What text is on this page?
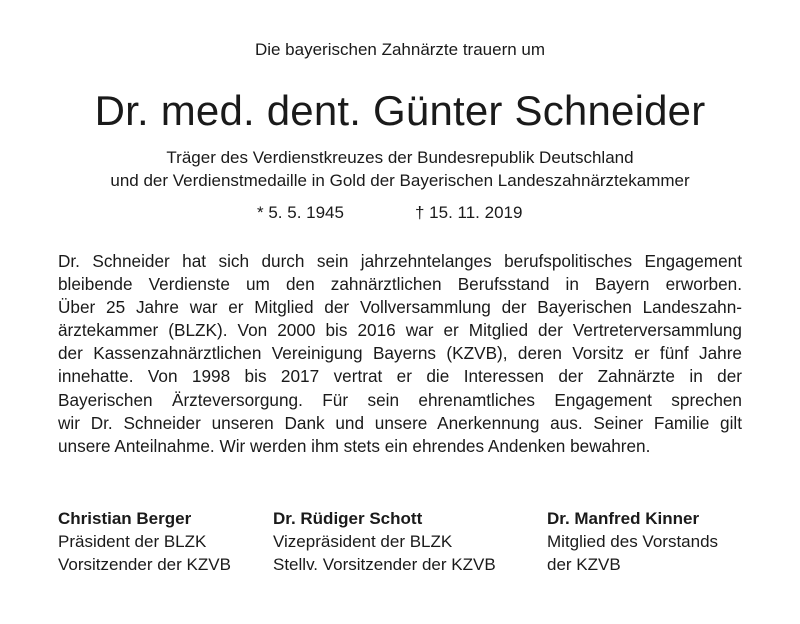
Die bayerischen Zahnärzte trauern um
Dr. med. dent. Günter Schneider
Träger des Verdienstkreuzes der Bundesrepublik Deutschland
und der Verdienstmedaille in Gold der Bayerischen Landeszahnärztekammer
* 5. 5. 1945	† 15. 11. 2019
Dr. Schneider hat sich durch sein jahrzehntelanges berufspolitisches Engagement
bleibende Verdienste um den zahnärztlichen Berufsstand in Bayern erworben.
Über 25 Jahre war er Mitglied der Vollversammlung der Bayerischen Landeszahn-
ärztekammer (BLZK). Von 2000 bis 2016 war er Mitglied der Vertreterversammlung
der Kassenzahnärztlichen Vereinigung Bayerns (KZVB), deren Vorsitz er fünf Jahre
innehatte. Von 1998 bis 2017 vertrat er die Interessen der Zahnärzte in der
Bayerischen Ärzteversorgung. Für sein ehrenamtliches Engagement sprechen
wir Dr. Schneider unseren Dank und unsere Anerkennung aus. Seiner Familie gilt
unsere Anteilnahme. Wir werden ihm stets ein ehrendes Andenken bewahren.
Christian Berger
Präsident der BLZK
Vorsitzender der KZVB
Dr. Rüdiger Schott
Vizepräsident der BLZK
Stellv. Vorsitzender der KZVB
Dr. Manfred Kinner
Mitglied des Vorstands
der KZVB
